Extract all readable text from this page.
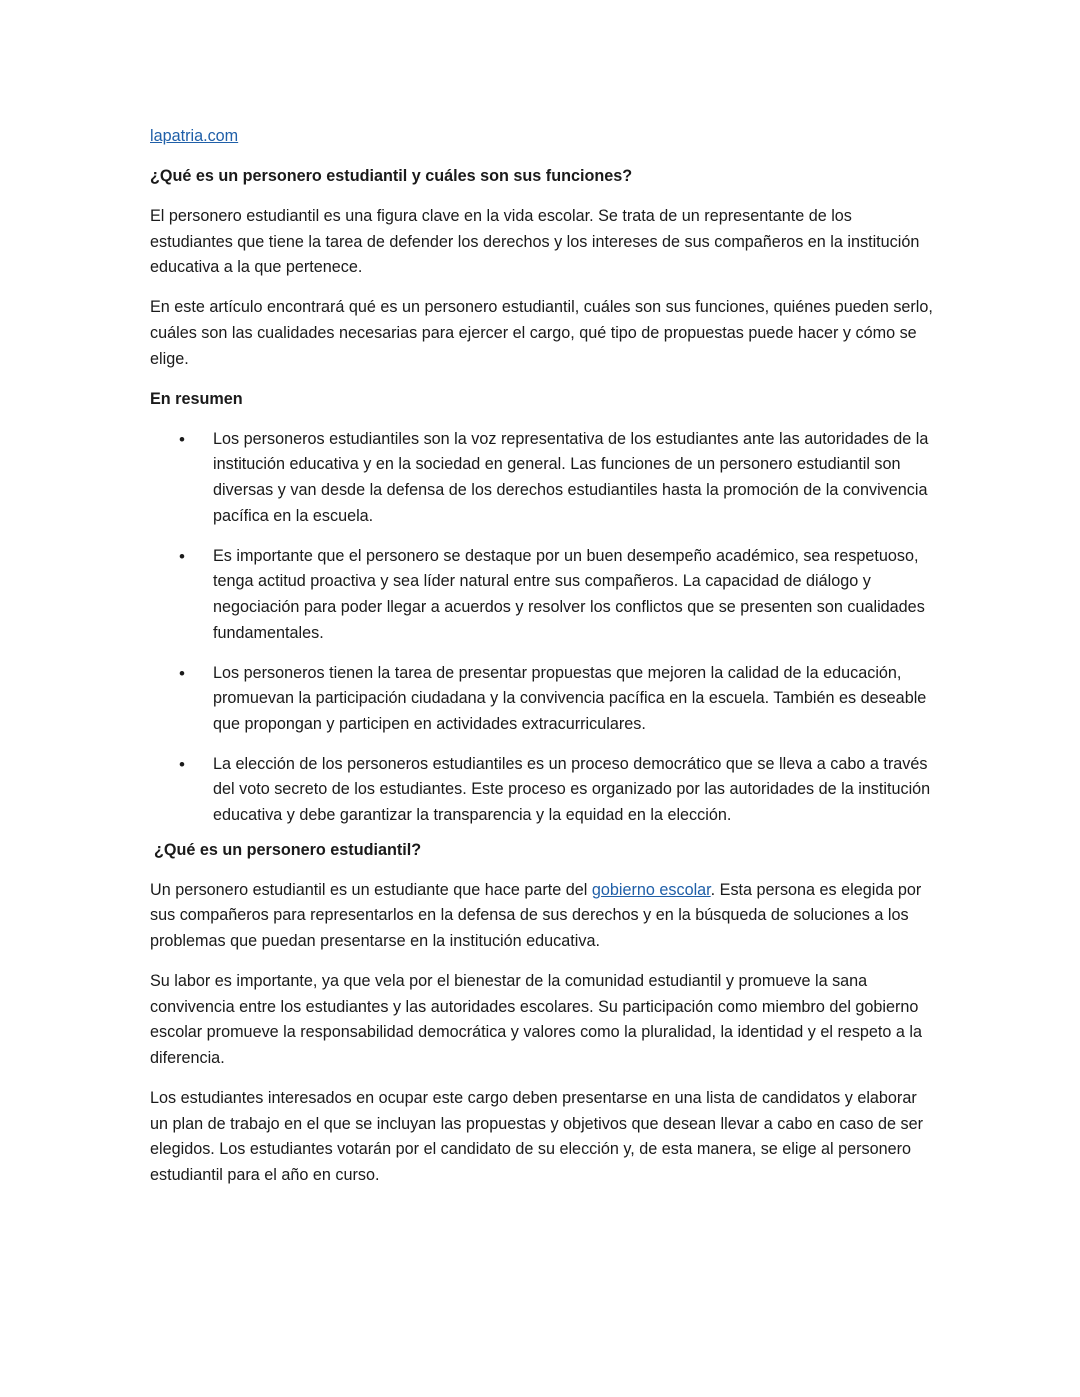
lapatria.com

¿Qué es un personero estudiantil y cuáles son sus funciones?

El personero estudiantil es una figura clave en la vida escolar. Se trata de un representante de los estudiantes que tiene la tarea de defender los derechos y los intereses de sus compañeros en la institución educativa a la que pertenece.

En este artículo encontrará qué es un personero estudiantil, cuáles son sus funciones, quiénes pueden serlo, cuáles son las cualidades necesarias para ejercer el cargo, qué tipo de propuestas puede hacer y cómo se elige.

En resumen

• Los personeros estudiantiles son la voz representativa de los estudiantes ante las autoridades de la institución educativa y en la sociedad en general. Las funciones de un personero estudiantil son diversas y van desde la defensa de los derechos estudiantiles hasta la promoción de la convivencia pacífica en la escuela.
• Es importante que el personero se destaque por un buen desempeño académico, sea respetuoso, tenga actitud proactiva y sea líder natural entre sus compañeros. La capacidad de diálogo y negociación para poder llegar a acuerdos y resolver los conflictos que se presenten son cualidades fundamentales.
• Los personeros tienen la tarea de presentar propuestas que mejoren la calidad de la educación, promuevan la participación ciudadana y la convivencia pacífica en la escuela. También es deseable que propongan y participen en actividades extracurriculares.
• La elección de los personeros estudiantiles es un proceso democrático que se lleva a cabo a través del voto secreto de los estudiantes. Este proceso es organizado por las autoridades de la institución educativa y debe garantizar la transparencia y la equidad en la elección.

¿Qué es un personero estudiantil?

Un personero estudiantil es un estudiante que hace parte del gobierno escolar. Esta persona es elegida por sus compañeros para representarlos en la defensa de sus derechos y en la búsqueda de soluciones a los problemas que puedan presentarse en la institución educativa.

Su labor es importante, ya que vela por el bienestar de la comunidad estudiantil y promueve la sana convivencia entre los estudiantes y las autoridades escolares. Su participación como miembro del gobierno escolar promueve la responsabilidad democrática y valores como la pluralidad, la identidad y el respeto a la diferencia.

Los estudiantes interesados en ocupar este cargo deben presentarse en una lista de candidatos y elaborar un plan de trabajo en el que se incluyan las propuestas y objetivos que desean llevar a cabo en caso de ser elegidos. Los estudiantes votarán por el candidato de su elección y, de esta manera, se elige al personero estudiantil para el año en curso.
